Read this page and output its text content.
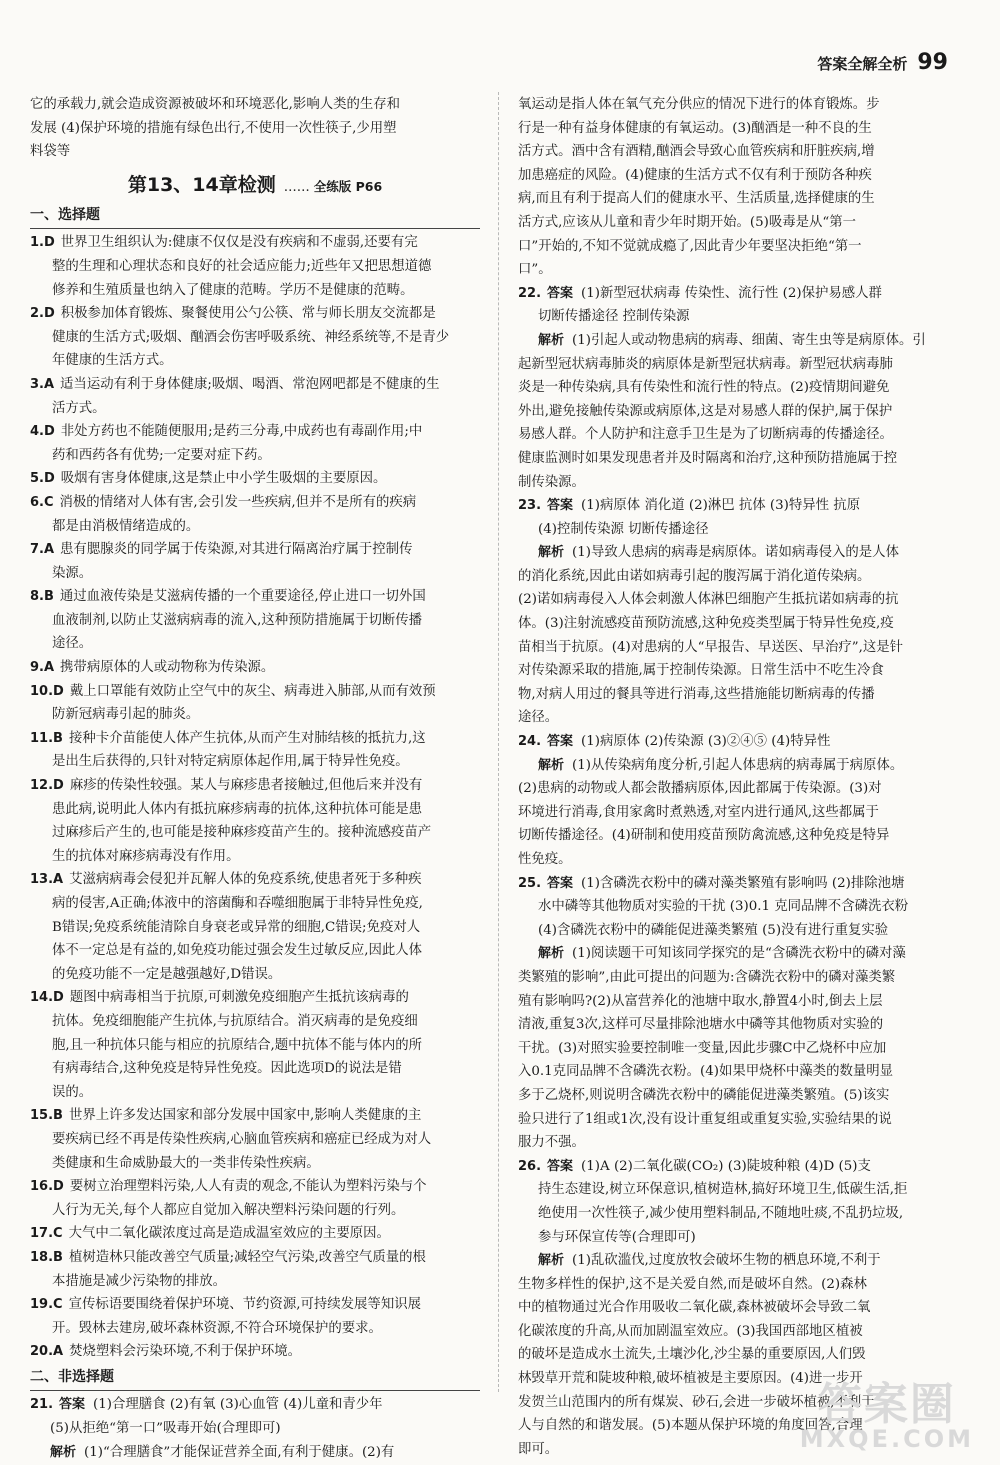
答案全解全析 99

它的承载力,就会造成资源被破坏和环境恶化,影响人类的生存和

发展 (4)保护环境的措施有绿色出行,不使用一次性筷子,少用塑

料袋等

第13、14章检测 …… 全练版 P66
一、选择题

1.D 世界卫生组织认为:健康不仅仅是没有疾病和不虚弱,还要有完

整的生理和心理状态和良好的社会适应能力;近些年又把思想道德

修养和生殖质量也纳入了健康的范畴。学历不是健康的范畴。

2.D 积极参加体育锻炼、聚餐使用公勺公筷、常与师长朋友交流都是

健康的生活方式;吸烟、酗酒会伤害呼吸系统、神经系统等,不是青少

年健康的生活方式。

3.A 适当运动有利于身体健康;吸烟、喝酒、常泡网吧都是不健康的生

活方式。

4.D 非处方药也不能随便服用;是药三分毒,中成药也有毒副作用;中

药和西药各有优势;一定要对症下药。

5.D 吸烟有害身体健康,这是禁止中小学生吸烟的主要原因。

6.C 消极的情绪对人体有害,会引发一些疾病,但并不是所有的疾病

都是由消极情绪造成的。

7.A 患有腮腺炎的同学属于传染源,对其进行隔离治疗属于控制传

染源。

8.B 通过血液传染是艾滋病传播的一个重要途径,停止进口一切外国

血液制剂,以防止艾滋病病毒的流入,这种预防措施属于切断传播

途径。

9.A 携带病原体的人或动物称为传染源。

10.D 戴上口罩能有效防止空气中的灰尘、病毒进入肺部,从而有效预

防新冠病毒引起的肺炎。

11.B 接种卡介苗能使人体产生抗体,从而产生对肺结核的抵抗力,这

是出生后获得的,只针对特定病原体起作用,属于特异性免疫。

12.D 麻疹的传染性较强。某人与麻疹患者接触过,但他后来并没有

患此病,说明此人体内有抵抗麻疹病毒的抗体,这种抗体可能是患

过麻疹后产生的,也可能是接种麻疹疫苗产生的。接种流感疫苗产

生的抗体对麻疹病毒没有作用。

13.A 艾滋病病毒会侵犯并瓦解人体的免疫系统,使患者死于多种疾

病的侵害,A正确;体液中的溶菌酶和吞噬细胞属于非特异性免疫,

B错误;免疫系统能清除自身衰老或异常的细胞,C错误;免疫对人

体不一定总是有益的,如免疫功能过强会发生过敏反应,因此人体

的免疫功能不一定是越强越好,D错误。

14.D 题图中病毒相当于抗原,可刺激免疫细胞产生抵抗该病毒的

抗体。免疫细胞能产生抗体,与抗原结合。消灭病毒的是免疫细

胞,且一种抗体只能与相应的抗原结合,题中抗体不能与体内的所

有病毒结合,这种免疫是特异性免疫。因此选项D的说法是错

误的。

15.B 世界上许多发达国家和部分发展中国家中,影响人类健康的主

要疾病已经不再是传染性疾病,心脑血管疾病和癌症已经成为对人

类健康和生命威胁最大的一类非传染性疾病。

16.D 要树立治理塑料污染,人人有责的观念,不能认为塑料污染与个

人行为无关,每个人都应自觉加入解决塑料污染问题的行列。

17.C 大气中二氧化碳浓度过高是造成温室效应的主要原因。

18.B 植树造林只能改善空气质量;减轻空气污染,改善空气质量的根

本措施是减少污染物的排放。

19.C 宣传标语要围绕着保护环境、节约资源,可持续发展等知识展

开。毁林去建房,破坏森林资源,不符合环境保护的要求。

20.A 焚烧塑料会污染环境,不利于保护环境。

二、非选择题

21. 答案 (1)合理膳食 (2)有氧 (3)心血管 (4)儿童和青少年

(5)从拒绝“第一口”吸毒开始(合理即可)

解析 (1)“合理膳食”才能保证营养全面,有利于健康。(2)有

氧运动是指人体在氧气充分供应的情况下进行的体育锻炼。步

行是一种有益身体健康的有氧运动。(3)酗酒是一种不良的生

活方式。酒中含有酒精,酗酒会导致心血管疾病和肝脏疾病,增

加患癌症的风险。(4)健康的生活方式不仅有利于预防各种疾

病,而且有利于提高人们的健康水平、生活质量,选择健康的生

活方式,应该从儿童和青少年时期开始。(5)吸毒是从“第一

口”开始的,不知不觉就成瘾了,因此青少年要坚决拒绝“第一

口”。

22. 答案 (1)新型冠状病毒 传染性、流行性 (2)保护易感人群

切断传播途径 控制传染源

解析 (1)引起人或动物患病的病毒、细菌、寄生虫等是病原体。引

起新型冠状病毒肺炎的病原体是新型冠状病毒。新型冠状病毒肺

炎是一种传染病,具有传染性和流行性的特点。(2)疫情期间避免

外出,避免接触传染源或病原体,这是对易感人群的保护,属于保护

易感人群。个人防护和注意手卫生是为了切断病毒的传播途径。

健康监测时如果发现患者并及时隔离和治疗,这种预防措施属于控

制传染源。

23. 答案 (1)病原体 消化道 (2)淋巴 抗体 (3)特异性 抗原

(4)控制传染源 切断传播途径

解析 (1)导致人患病的病毒是病原体。诺如病毒侵入的是人体

的消化系统,因此由诺如病毒引起的腹泻属于消化道传染病。

(2)诺如病毒侵入人体会刺激人体淋巴细胞产生抵抗诺如病毒的抗

体。(3)注射流感疫苗预防流感,这种免疫类型属于特异性免疫,疫

苗相当于抗原。(4)对患病的人“早报告、早送医、早治疗”,这是针

对传染源采取的措施,属于控制传染源。日常生活中不吃生冷食

物,对病人用过的餐具等进行消毒,这些措施能切断病毒的传播

途径。

24. 答案 (1)病原体 (2)传染源 (3)②④⑤ (4)特异性

解析 (1)从传染病角度分析,引起人体患病的病毒属于病原体。

(2)患病的动物或人都会散播病原体,因此都属于传染源。(3)对

环境进行消毒,食用家禽时煮熟透,对室内进行通风,这些都属于

切断传播途径。(4)研制和使用疫苗预防禽流感,这种免疫是特异

性免疫。

25. 答案 (1)含磷洗衣粉中的磷对藻类繁殖有影响吗 (2)排除池塘

水中磷等其他物质对实验的干扰 (3)0.1 克同品牌不含磷洗衣粉

(4)含磷洗衣粉中的磷能促进藻类繁殖 (5)没有进行重复实验

解析 (1)阅读题干可知该同学探究的是“含磷洗衣粉中的磷对藻

类繁殖的影响”,由此可提出的问题为:含磷洗衣粉中的磷对藻类繁

殖有影响吗?(2)从富营养化的池塘中取水,静置4小时,倒去上层

清液,重复3次,这样可尽量排除池塘水中磷等其他物质对实验的

干扰。(3)对照实验要控制唯一变量,因此步骤C中乙烧杯中应加

入0.1克同品牌不含磷洗衣粉。(4)如果甲烧杯中藻类的数量明显

多于乙烧杯,则说明含磷洗衣粉中的磷能促进藻类繁殖。(5)该实

验只进行了1组或1次,没有设计重复组或重复实验,实验结果的说

服力不强。

26. 答案 (1)A (2)二氧化碳(CO₂) (3)陡坡种粮 (4)D (5)支

持生态建设,树立环保意识,植树造林,搞好环境卫生,低碳生活,拒

绝使用一次性筷子,减少使用塑料制品,不随地吐痰,不乱扔垃圾,

参与环保宣传等(合理即可)

解析 (1)乱砍滥伐,过度放牧会破坏生物的栖息环境,不利于

生物多样性的保护,这不是关爱自然,而是破坏自然。(2)森林

中的植物通过光合作用吸收二氧化碳,森林被破坏会导致二氧

化碳浓度的升高,从而加剧温室效应。(3)我国西部地区植被

的破坏是造成水土流失,土壤沙化,沙尘暴的重要原因,人们毁

林毁草开荒和陡坡种粮,破坏植被是主要原因。(4)进一步开

发贺兰山范围内的所有煤炭、砂石,会进一步破坏植被,不利于

人与自然的和谐发展。(5)本题从保护环境的角度回答,合理

即可。

答案圈
MXQE.COM
